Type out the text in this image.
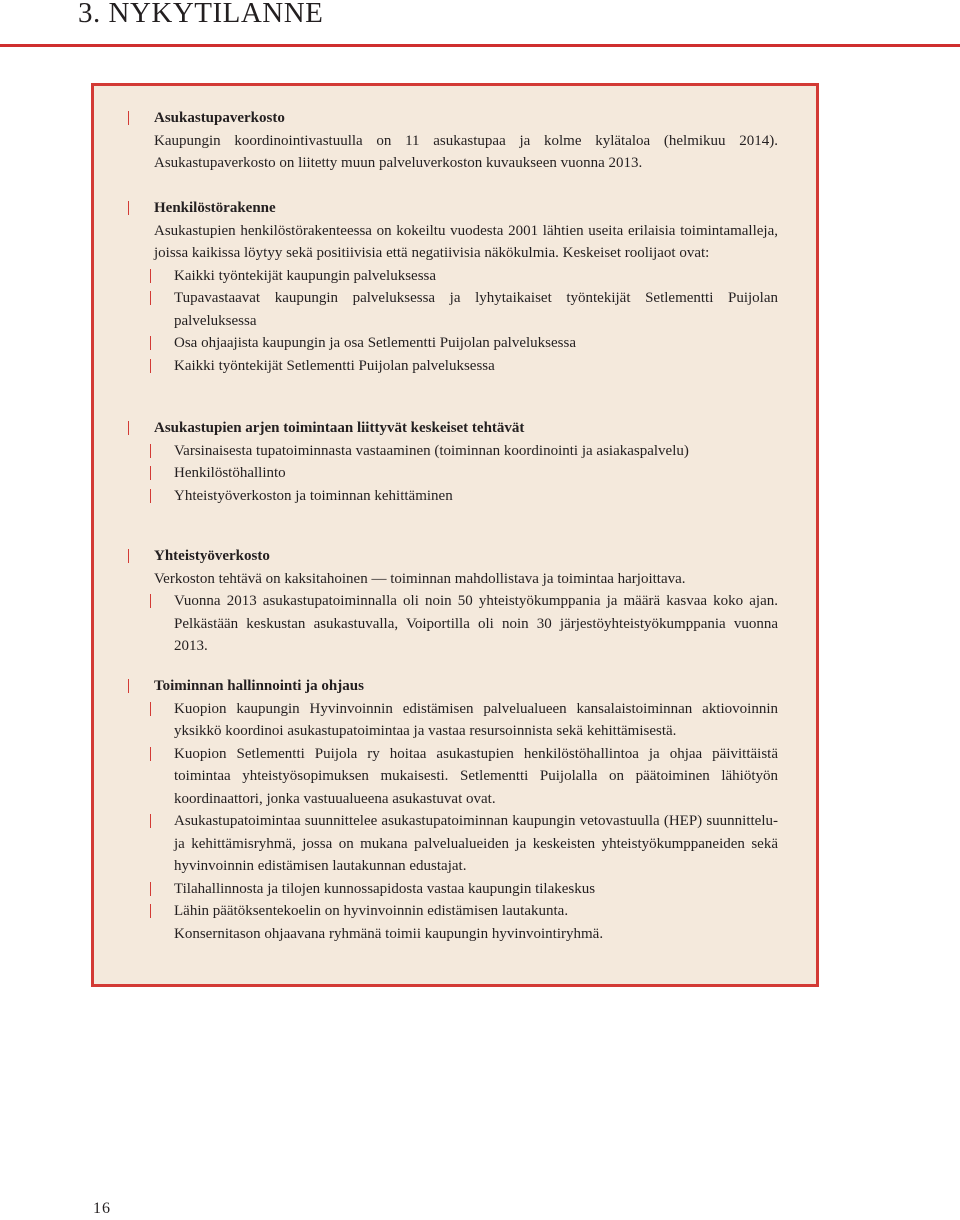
3. NYKYTILANNE
Asukastupaverkosto
Kaupungin koordinointivastuulla on 11 asukastupaa ja kolme kylätaloa (helmikuu 2014). Asukastupaverkosto on liitetty muun palveluverkoston kuvaukseen vuonna 2013.
Henkilöstörakenne
Asukastupien henkilöstörakenteessa on kokeiltu vuodesta 2001 lähtien useita erilaisia toimintamalleja, joissa kaikissa löytyy sekä positiivisia että negatiivisia näkökulmia. Keskeiset roolijaot ovat:
Kaikki työntekijät kaupungin palveluksessa
Tupavastaavat kaupungin palveluksessa ja lyhytaikaiset työntekijät Setlementti Puijolan palveluksessa
Osa ohjaajista kaupungin ja osa Setlementti Puijolan palveluksessa
Kaikki työntekijät Setlementti Puijolan palveluksessa
Asukastupien arjen toimintaan liittyvät keskeiset tehtävät
Varsinaisesta tupatoiminnasta vastaaminen (toiminnan koordinointi ja asiakaspalvelu)
Henkilöstöhallinto
Yhteistyöverkoston ja toiminnan kehittäminen
Yhteistyöverkosto
Verkoston tehtävä on kaksitahoinen — toiminnan mahdollistava ja toimintaa harjoittava.
Vuonna 2013 asukastupatoiminnalla oli noin 50 yhteistyökumppania ja määrä kasvaa koko ajan. Pelkästään keskustan asukastuvalla, Voiportilla oli noin 30 järjestöyhteistyökumppania vuonna 2013.
Toiminnan hallinnointi ja ohjaus
Kuopion kaupungin Hyvinvoinnin edistämisen palvelualueen kansalaistoiminnan aktiovoinnin yksikkö koordinoi asukastupatoimintaa ja vastaa resursoinnista sekä kehittämisestä.
Kuopion Setlementti Puijola ry hoitaa asukastupien henkilöstöhallintoa ja ohjaa päivittäistä toimintaa yhteistyösopimuksen mukaisesti. Setlementti Puijolalla on päätoiminen lähiötyön koordinaattori, jonka vastuualueena asukastuvat ovat.
Asukastupatoimintaa suunnittelee asukastupatoiminnan kaupungin vetovastuulla (HEP) suunnittelu- ja kehittämisryhmä, jossa on mukana palvelualueiden ja keskeisten yhteistyökumppaneiden sekä hyvinvoinnin edistämisen lautakunnan edustajat.
Tilahallinnosta ja tilojen kunnossapidosta vastaa kaupungin tilakeskus
Lähin päätöksentekoelin on hyvinvoinnin edistämisen lautakunta.
Konsernitason ohjaavana ryhmänä toimii kaupungin hyvinvointiryhmä.
16
